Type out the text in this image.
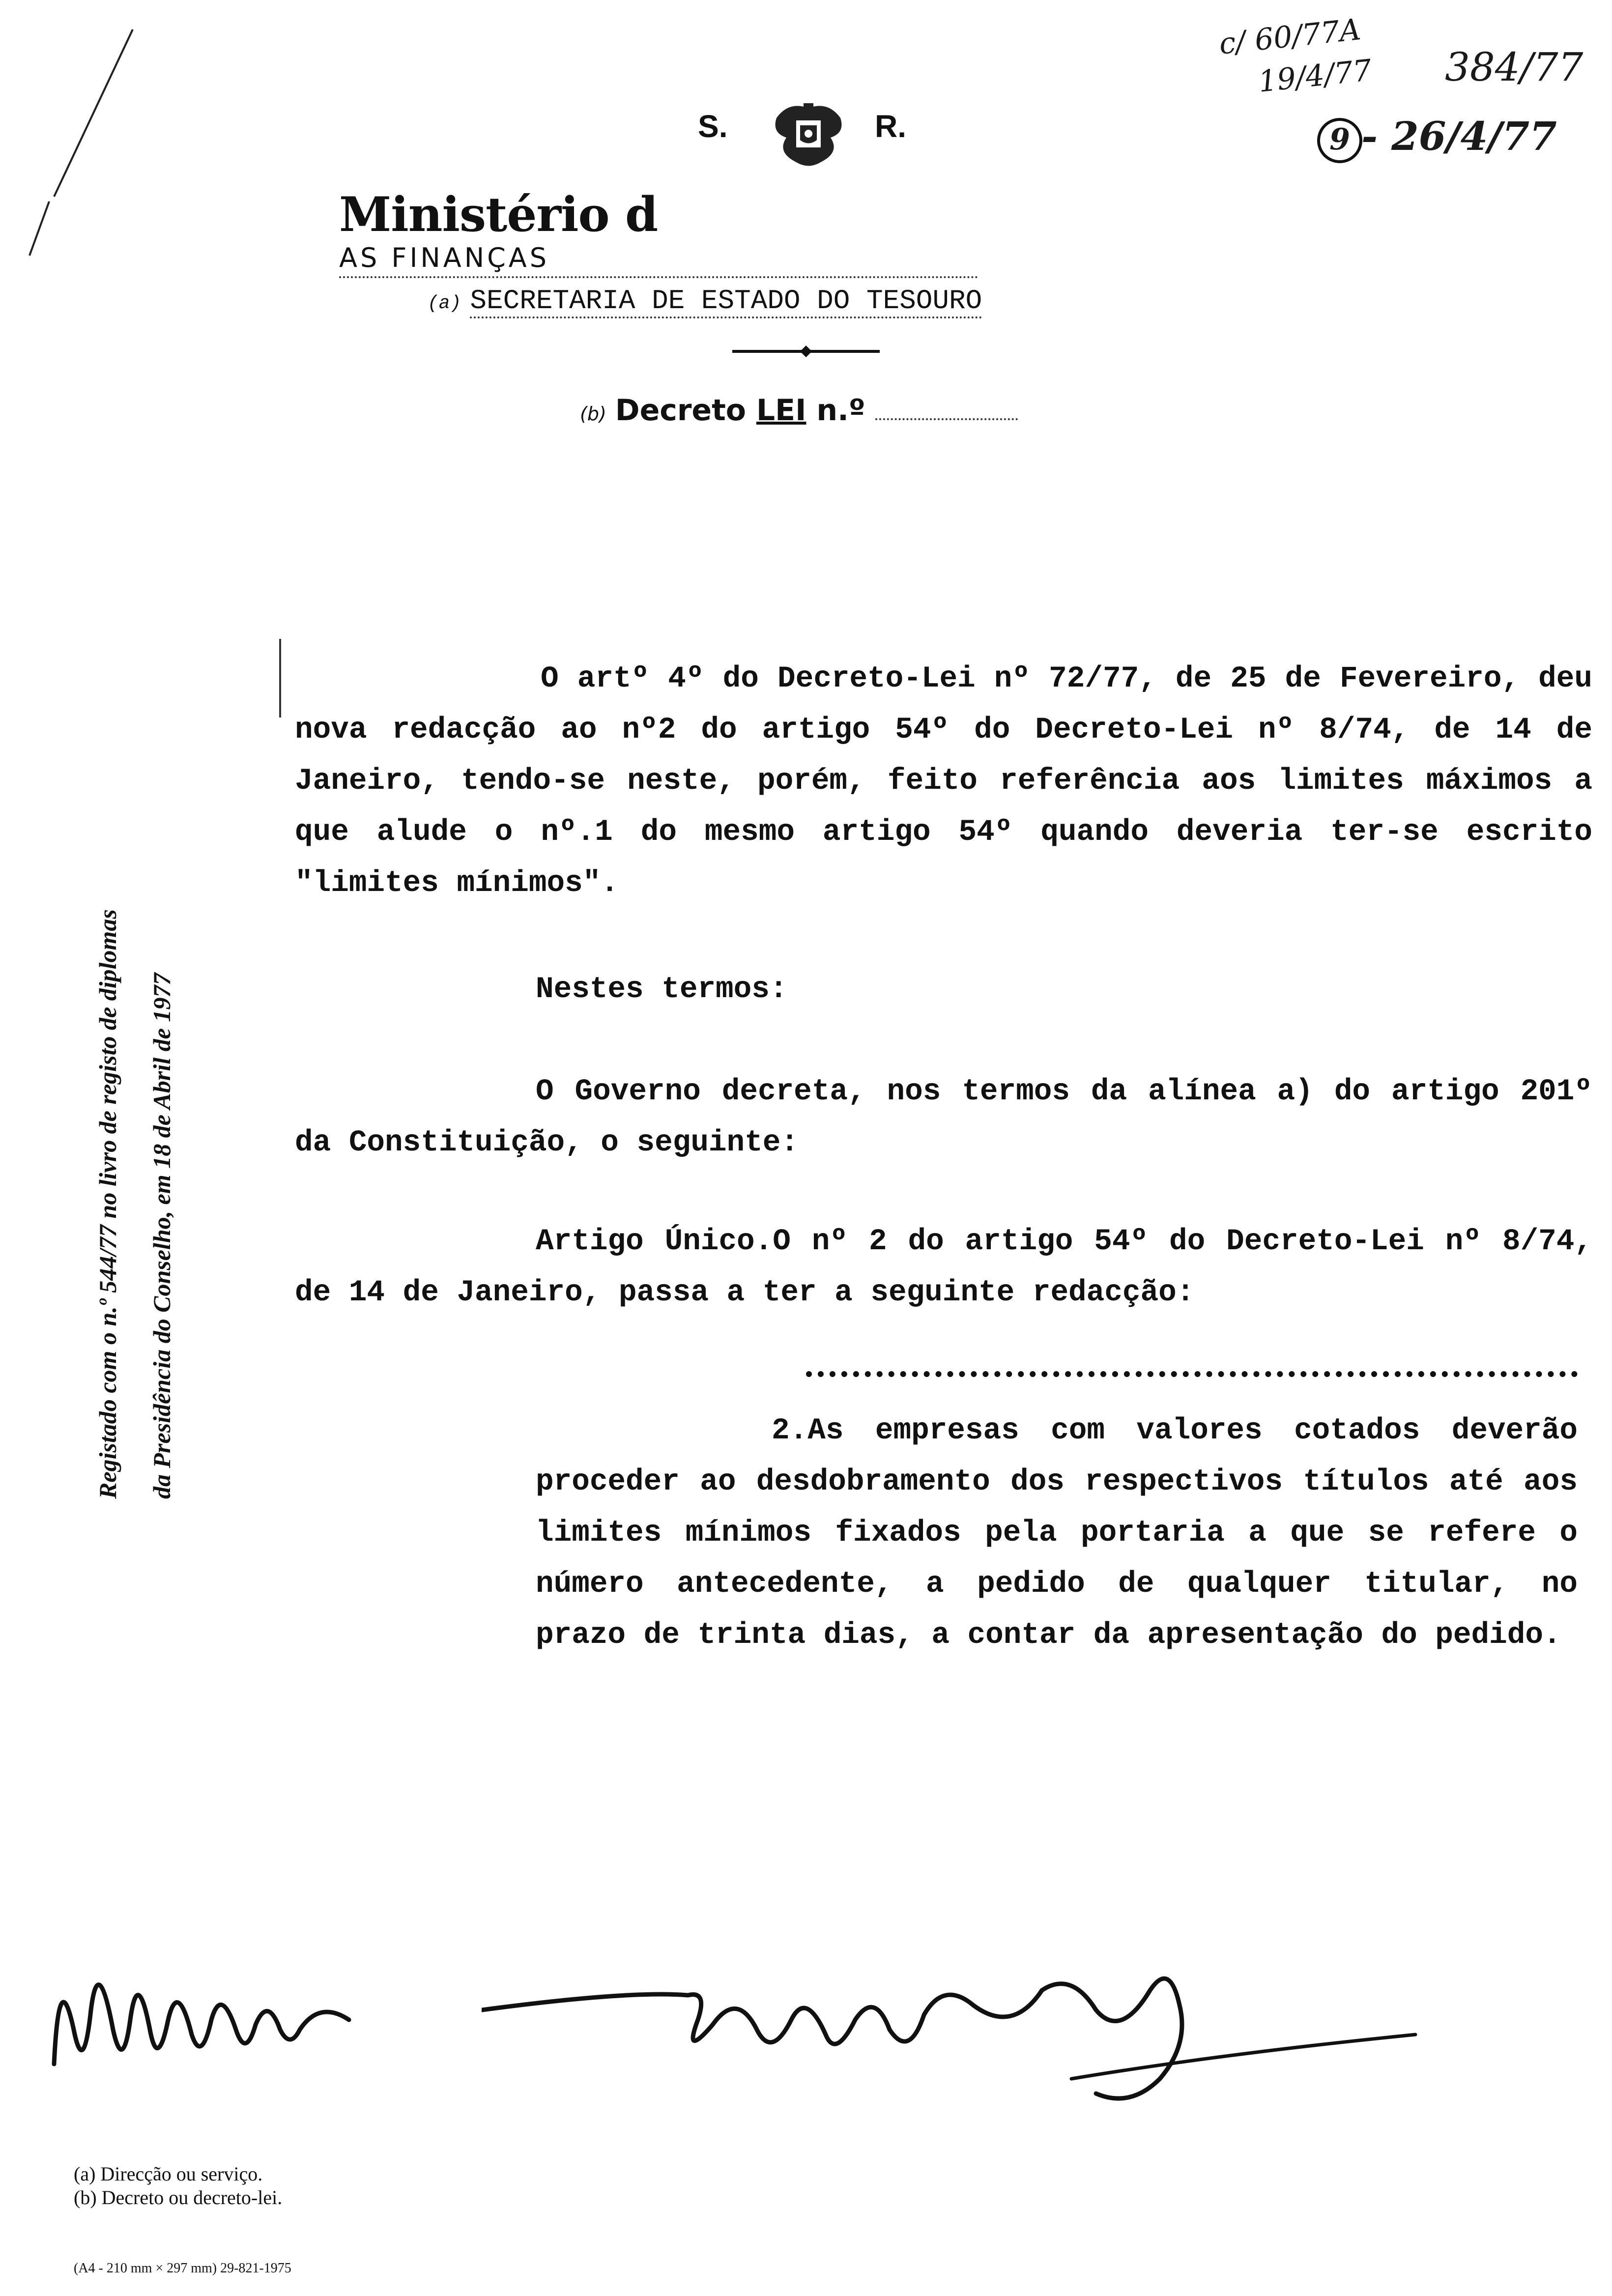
c/ 60/77A
19/4/77 384/77
9 - 26/4/77
S.	R.
Ministério dAS FINANÇAS
(a) SECRETARIA DE ESTADO DO TESOURO
(b) Decreto LEI n.º
Registado com o n.º 544/77 no livro de registo de diplomas da Presidência do Conselho, em 18 de Abril de 1977
O artº 4º do Decreto-Lei nº 72/77, de 25 de Fevereiro, deu nova redacção ao nº2 do artigo 54º do Decreto-Lei nº 8/74, de 14 de Janeiro, tendo-se neste, porém, feito referência aos limites máximos a que alude o nº.1 do mesmo artigo 54º quando deveria ter-se escrito "limites mínimos".
Nestes termos:
O Governo decreta, nos termos da alínea a) do artigo 201º da Constituição, o seguinte:
Artigo Único.O nº 2 do artigo 54º do Decreto-Lei nº 8/74, de 14 de Janeiro, passa a ter a seguinte redacção:
2.As empresas com valores cotados deverão proceder ao desdobramento dos respectivos títulos até aos limites mínimos fixados pela portaria a que se refere o número antecedente, a pedido de qualquer titular, no prazo de trinta dias, a contar da apresentação do pedido.
(a) Direcção ou serviço.
(b) Decreto ou decreto-lei.
(A4 - 210 mm × 297 mm) 29-821-1975
